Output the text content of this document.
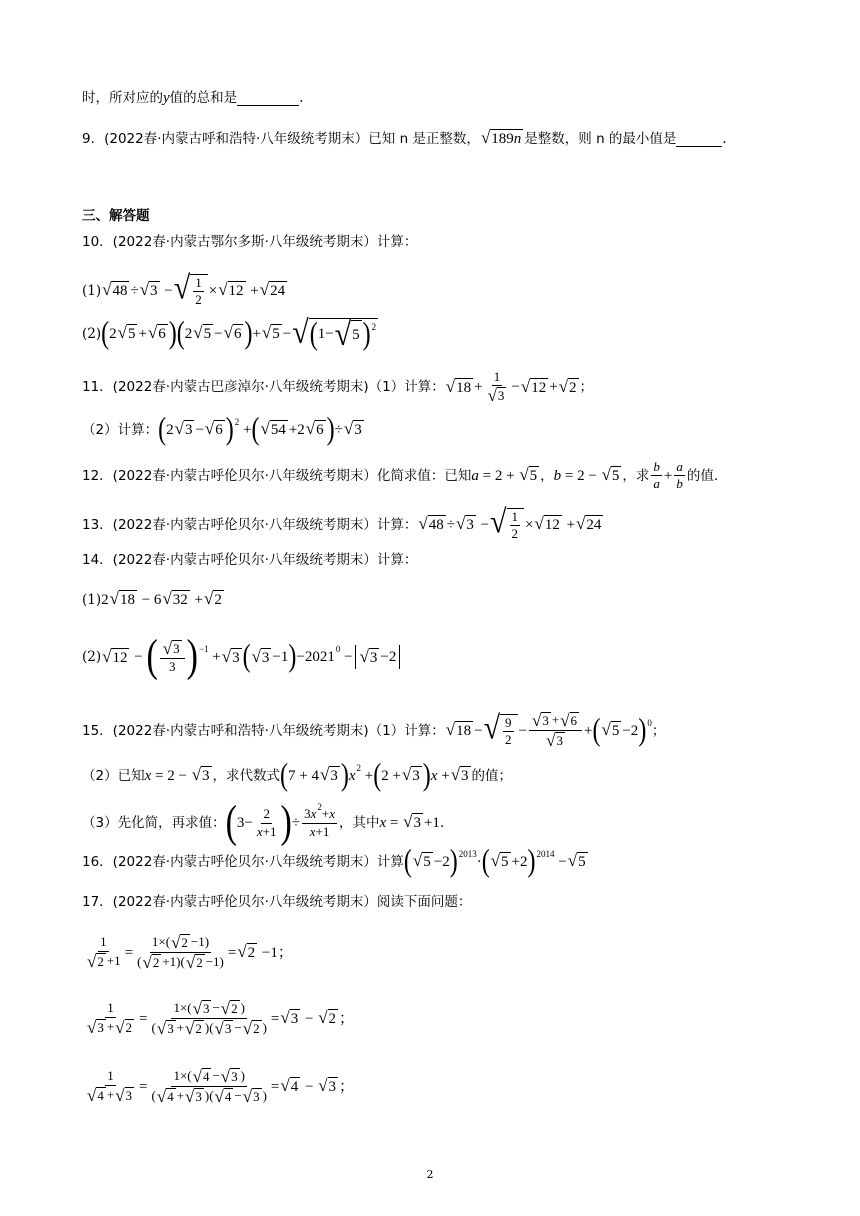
时，所对应的 y 值的总和是	.
9．(2022春·内蒙古呼和浩特·八年级统考期末）已知 n 是正整数， √ 189 n 是整数，则 n 的最小值是	.
三、解答题
10．(2022春·内蒙古鄂尔多斯·八年级统考期末）计算：
(1) √ 48 ÷ √ 3 − √ $\frac{1}{2}$ × √ 12 + √ 24
(2) ( 2 √ 5 + √ 6 ) ( 2 √ 5 − √ 6 ) + √ 5 − √ ( 1− √ 5 )$^2$
11．(2022春·内蒙古巴彦淖尔·八年级统考期末)（1）计算： √ $18 + \frac{1}{√ 3}$ − √ 12 + √ 2 ；
（2）计算： ( 2 √ 3 − √ 6 )$^2$ + ( √ 54 +2 √ 6 ) ÷ √ 3
12．(2022春·内蒙古呼伦贝尔·八年级统考期末）化简求值：已知 a = 2 + √ 5 ， b = 2 − √ 5 ，求 $\frac{b}{a} + \frac{a}{b}$ 的值.
13．(2022春·内蒙古呼伦贝尔·八年级统考期末）计算： √ 48 ÷ √ 3 − √ $\frac{1}{2}$ × √ 12 + √ 24
14．(2022春·内蒙古呼伦贝尔·八年级统考期末）计算：
(1) 2 √ 18 − 6 √ 32 + √ 2
(2) √ 12 − ( $\frac{√ 3}{3} )^{-1}$ + √ 3 ( √ 3 −1 ) − $2021^0$ − √ 3 −2
15．(2022春·内蒙古呼和浩特·八年级统考期末)（1）计算： √ 18 − √ $\frac{9}{2} - \frac{√ 3 + √ 6}{√ 3}$ + ( √ 5 −2 )$^0$ ；
（2）已知 x = 2 − √ 3 ，求代数式 ( 7 + 4 √ 3 ) $x^2$ + ( 2 + √ 3 ) x + √ 3 的值；
（3）先化简，再求值： ( $3- \frac{2}{x +1}$ ) ÷ $\frac{3 x^2 + x}{x +1}$ ，其中 x = √ 3 +1 .
16．(2022春·内蒙古呼伦贝尔·八年级统考期末）计算 ( √ 5 −2 )$^{2013}$ · ( √ 5 +2 )$^{2014}$ − √ 5
17．(2022春·内蒙古呼伦贝尔·八年级统考期末）阅读下面问题：
$\frac{1}{√ 2 +1} = \frac{1\times( √ 2 -1)}{( √ 2 +1)( √ 2 -1)}$ = √ 2 −1；
$\frac{1}{√ 3 + √ 2} = \frac{1\times( √ 3 - √ 2 )}{( √ 3 + √ 2 )( √ 3 - √ 2 )}$ = √ 3 − √ 2 ；
$\frac{1}{√ 4 + √ 3} = \frac{1\times( √ 4 - √ 3 )}{( √ 4 + √ 3 )( √ 4 - √ 3 )}$ = √ 4 − √ 3 ；
2
